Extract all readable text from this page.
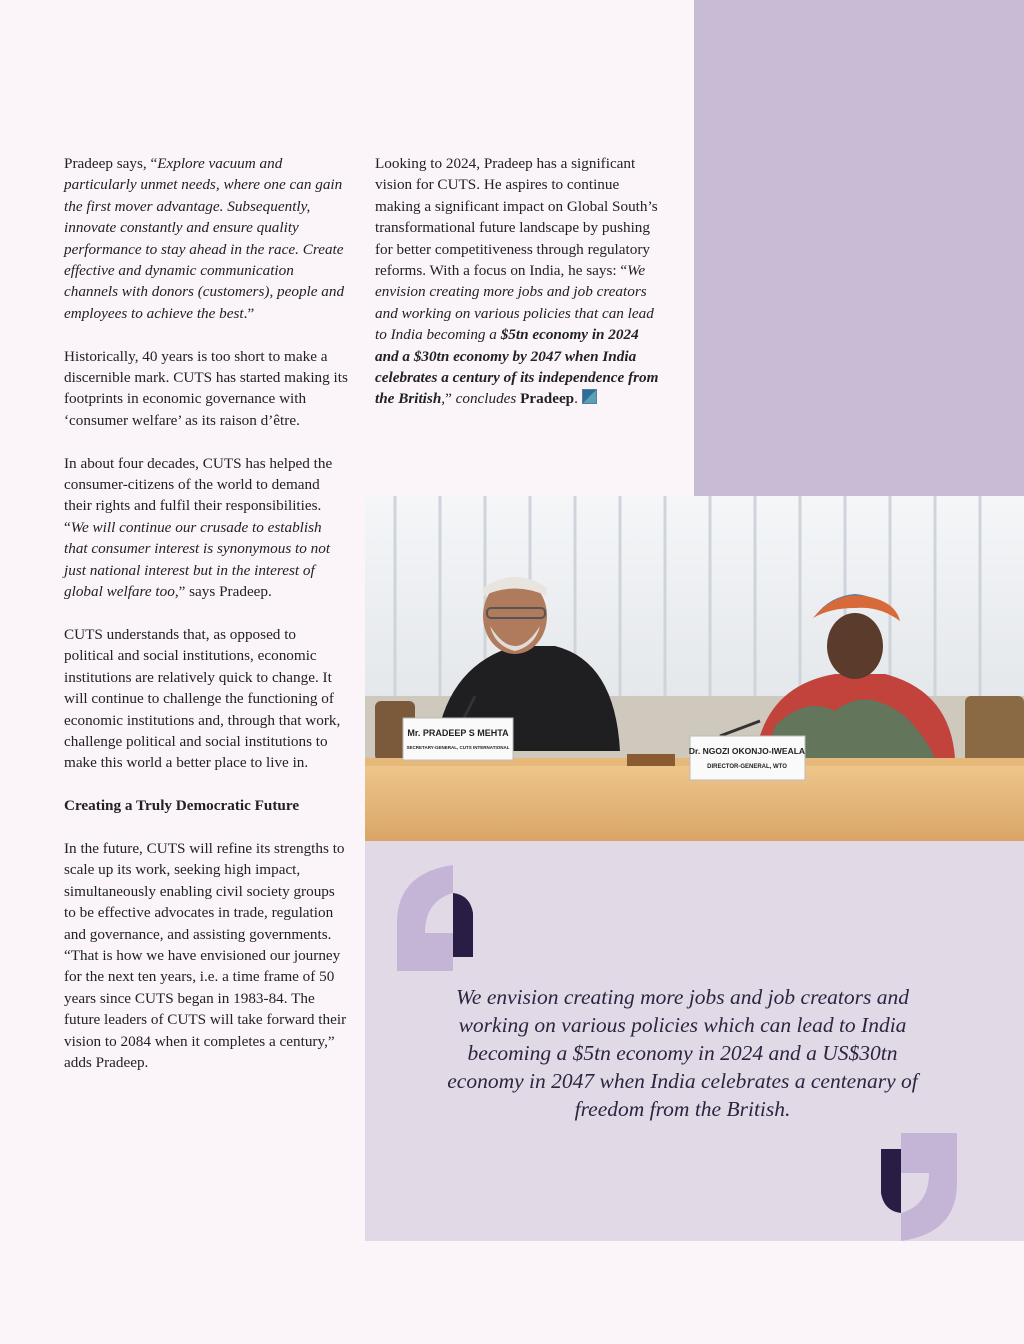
Pradeep says, “Explore vacuum and particularly unmet needs, where one can gain the first mover advantage. Subsequently, innovate constantly and ensure quality performance to stay ahead in the race. Create effective and dynamic communication channels with donors (customers), people and employees to achieve the best.”

Historically, 40 years is too short to make a discernible mark. CUTS has started making its footprints in economic governance with ‘consumer welfare’ as its raison d’être.

In about four decades, CUTS has helped the consumer-citizens of the world to demand their rights and fulfil their responsibilities. “We will continue our crusade to establish that consumer interest is synonymous to not just national interest but in the interest of global welfare too,” says Pradeep.

CUTS understands that, as opposed to political and social institutions, economic institutions are relatively quick to change. It will continue to challenge the functioning of economic institutions and, through that work, challenge political and social institutions to make this world a better place to live in.

Creating a Truly Democratic Future

In the future, CUTS will refine its strengths to scale up its work, seeking high impact, simultaneously enabling civil society groups to be effective advocates in trade, regulation and governance, and assisting governments. “That is how we have envisioned our journey for the next ten years, i.e. a time frame of 50 years since CUTS began in 1983-84. The future leaders of CUTS will take forward their vision to 2084 when it completes a century,” adds Pradeep.

Looking to 2024, Pradeep has a significant vision for CUTS. He aspires to continue making a significant impact on Global South’s transformational future landscape by pushing for better competitiveness through regulatory reforms. With a focus on India, he says: “We envision creating more jobs and job creators and working on various policies that can lead to India becoming a $5tn economy in 2024 and a $30tn economy by 2047 when India celebrates a century of its independence from the British,” concludes Pradeep.

Mr. PRADEEP S MEHTA
SECRETARY-GENERAL, CUTS INTERNATIONAL	Dr. NGOZI OKONJO-IWEALA
DIRECTOR-GENERAL, WTO
We envision creating more jobs and job creators and working on various policies which can lead to India becoming a $5tn economy in 2024 and a US$30tn economy in 2047 when India celebrates a centenary of freedom from the British.
